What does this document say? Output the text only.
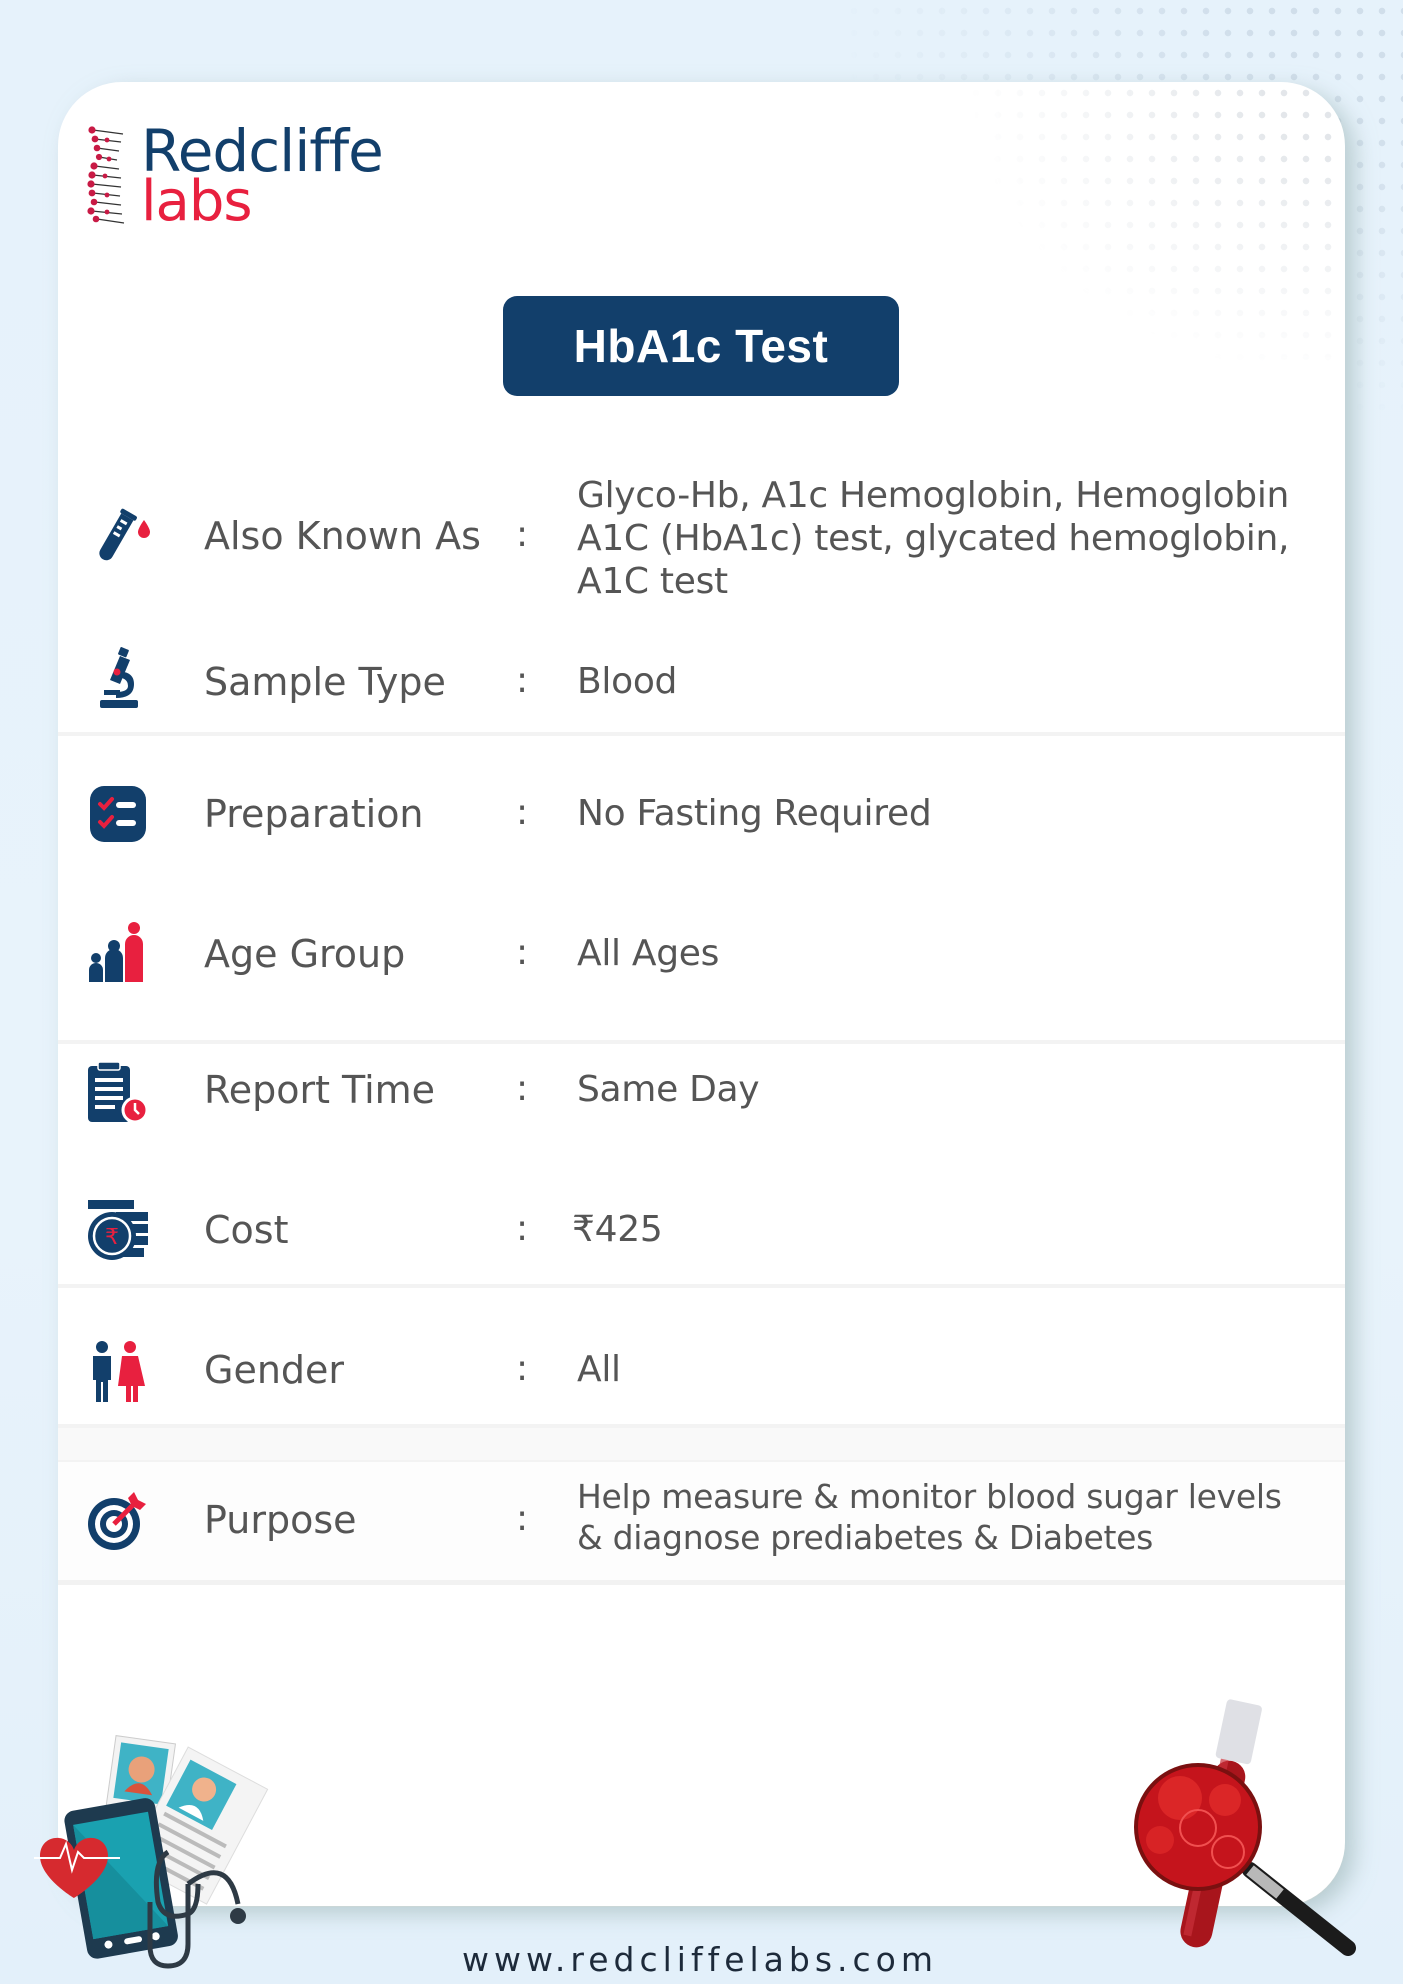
Redcliffe
labs
HbA1c Test
Also Known As :
Glyco-Hb, A1c Hemoglobin, Hemoglobin
A1C (HbA1c) test, glycated hemoglobin,
A1C test
Sample Type : Blood
Preparation	: No Fasting Required
Age Group	: All Ages
Report Time : Same Day
₹ Cost	: ₹425
Gender	: All
Purpose	:
Help measure & monitor blood sugar levels
& diagnose prediabetes & Diabetes
www.redcliffelabs.com
